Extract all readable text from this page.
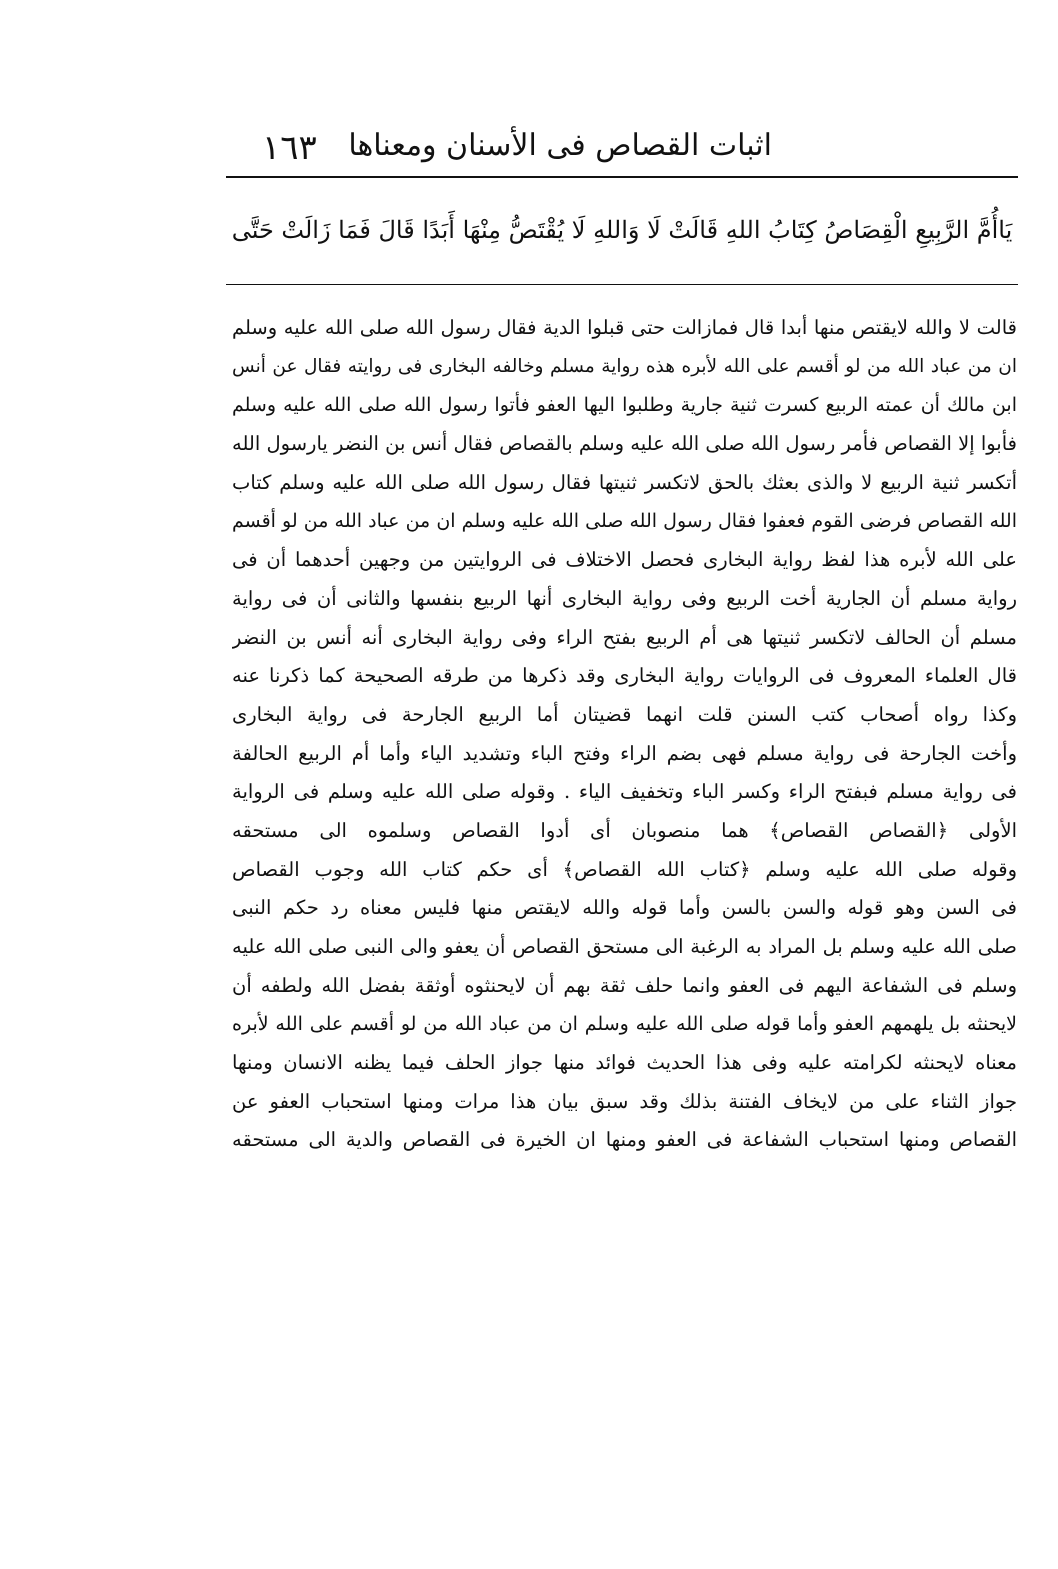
١٦٣ اثبات القصاص فى الأسنان ومعناها
يَاأُمَّ الرَّبِيعِ الْقِصَاصُ كِتَابُ اللهِ قَالَتْ لَا وَاللهِ لَا يُقْتَصُّ مِنْهَا أَبَدًا قَالَ فَمَا زَالَتْ حَتَّى
قالت لا والله لايقتص منها أبدا قال فمازالت حتى قبلوا الدية فقال رسول الله صلى الله عليه وسلم
ان من عباد الله من لو أقسم على الله لأبره هذه رواية مسلم وخالفه البخارى فى روايته فقال عن أنس
ابن مالك أن عمته الربيع كسرت ثنية جارية وطلبوا اليها العفو فأتوا رسول الله صلى الله عليه وسلم
فأبوا إلا القصاص فأمر رسول الله صلى الله عليه وسلم بالقصاص فقال أنس بن النضر يارسول الله
أتكسر ثنية الربيع لا والذى بعثك بالحق لاتكسر ثنيتها فقال رسول الله صلى الله عليه وسلم كتاب
الله القصاص فرضى القوم فعفوا فقال رسول الله صلى الله عليه وسلم ان من عباد الله من لو أقسم
على الله لأبره هذا لفظ رواية البخارى فحصل الاختلاف فى الروايتين من وجهين أحدهما أن فى
رواية مسلم أن الجارية أخت الربيع وفى رواية البخارى أنها الربيع بنفسها والثانى أن فى رواية
مسلم أن الحالف لاتكسر ثنيتها هى أم الربيع بفتح الراء وفى رواية البخارى أنه أنس بن النضر
قال العلماء المعروف فى الروايات رواية البخارى وقد ذكرها من طرقه الصحيحة كما ذكرنا عنه
وكذا رواه أصحاب كتب السنن قلت انهما قضيتان أما الربيع الجارحة فى رواية البخارى
وأخت الجارحة فى رواية مسلم فهى بضم الراء وفتح الباء وتشديد الياء وأما أم الربيع الحالفة
فى رواية مسلم فبفتح الراء وكسر الباء وتخفيف الياء . وقوله صلى الله عليه وسلم فى الرواية
الأولى ﴿القصاص القصاص﴾ هما منصوبان أى أدوا القصاص وسلموه الى مستحقه
وقوله صلى الله عليه وسلم ﴿كتاب الله القصاص﴾ أى حكم كتاب الله وجوب القصاص
فى السن وهو قوله والسن بالسن وأما قوله والله لايقتص منها فليس معناه رد حكم النبى
صلى الله عليه وسلم بل المراد به الرغبة الى مستحق القصاص أن يعفو والى النبى صلى الله عليه
وسلم فى الشفاعة اليهم فى العفو وانما حلف ثقة بهم أن لايحنثوه أوثقة بفضل الله ولطفه أن
لايحنثه بل يلهمهم العفو وأما قوله صلى الله عليه وسلم ان من عباد الله من لو أقسم على الله لأبره
معناه لايحنثه لكرامته عليه وفى هذا الحديث فوائد منها جواز الحلف فيما يظنه الانسان ومنها
جواز الثناء على من لايخاف الفتنة بذلك وقد سبق بيان هذا مرات ومنها استحباب العفو عن
القصاص ومنها استحباب الشفاعة فى العفو ومنها ان الخيرة فى القصاص والدية الى مستحقه
